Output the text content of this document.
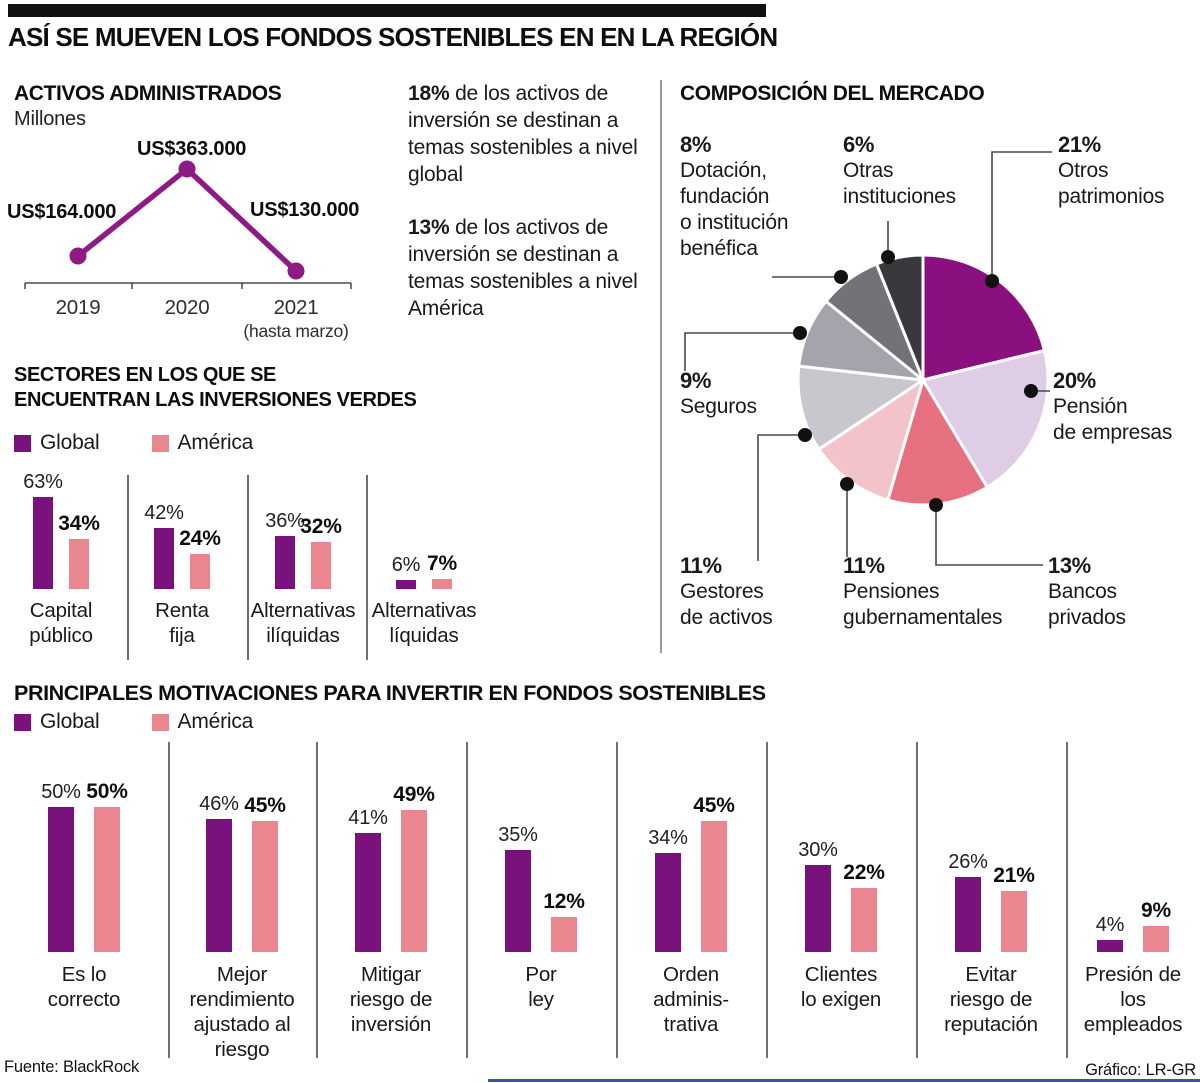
ASÍ SE MUEVEN LOS FONDOS SOSTENIBLES EN EN LA REGIÓN
ACTIVOS ADMINISTRADOS
Millones
US$164.000
US$363.000
US$130.000
2019	2020	2021
(hasta marzo)

18% de los activos de inversión se destinan a temas sostenibles a nivel global

13% de los activos de inversión se destinan a temas sostenibles a nivel América

COMPOSICIÓN DEL MERCADO
SECTORES EN LOS QUE SE
ENCUENTRAN LAS INVERSIONES VERDES
Global	América
63%
34%
Capital
público
42%
24%
Renta
fija
36%
32%
Alternativas
ilíquidas
6% 7%
Alternativas
líquidas
PRINCIPALES MOTIVACIONES PARA INVERTIR EN FONDOS SOSTENIBLES
Global	América
50% 50%
Es lo
correcto
46% 45%
Mejor
rendimiento
ajustado al
riesgo
41%
49%
Mitigar
riesgo de
inversión
35%
12%
Por
ley
34%
45%
Orden
adminis-
trativa
30%
22%
Clientes
lo exigen
26%
21%
Evitar
riesgo de
reputación
4%
9%
Presión de
los
empleados
Fuente: BlackRock	Gráfico: LR-GR
21%
Otros
patrimonios
20%
Pensión
de empresas
13%
Bancos
privados
11%
Pensiones
gubernamentales
11%
Gestores
de activos
9%
Seguros
8%
Dotación,
fundación
o institución
benéfica
6%
Otras
instituciones
